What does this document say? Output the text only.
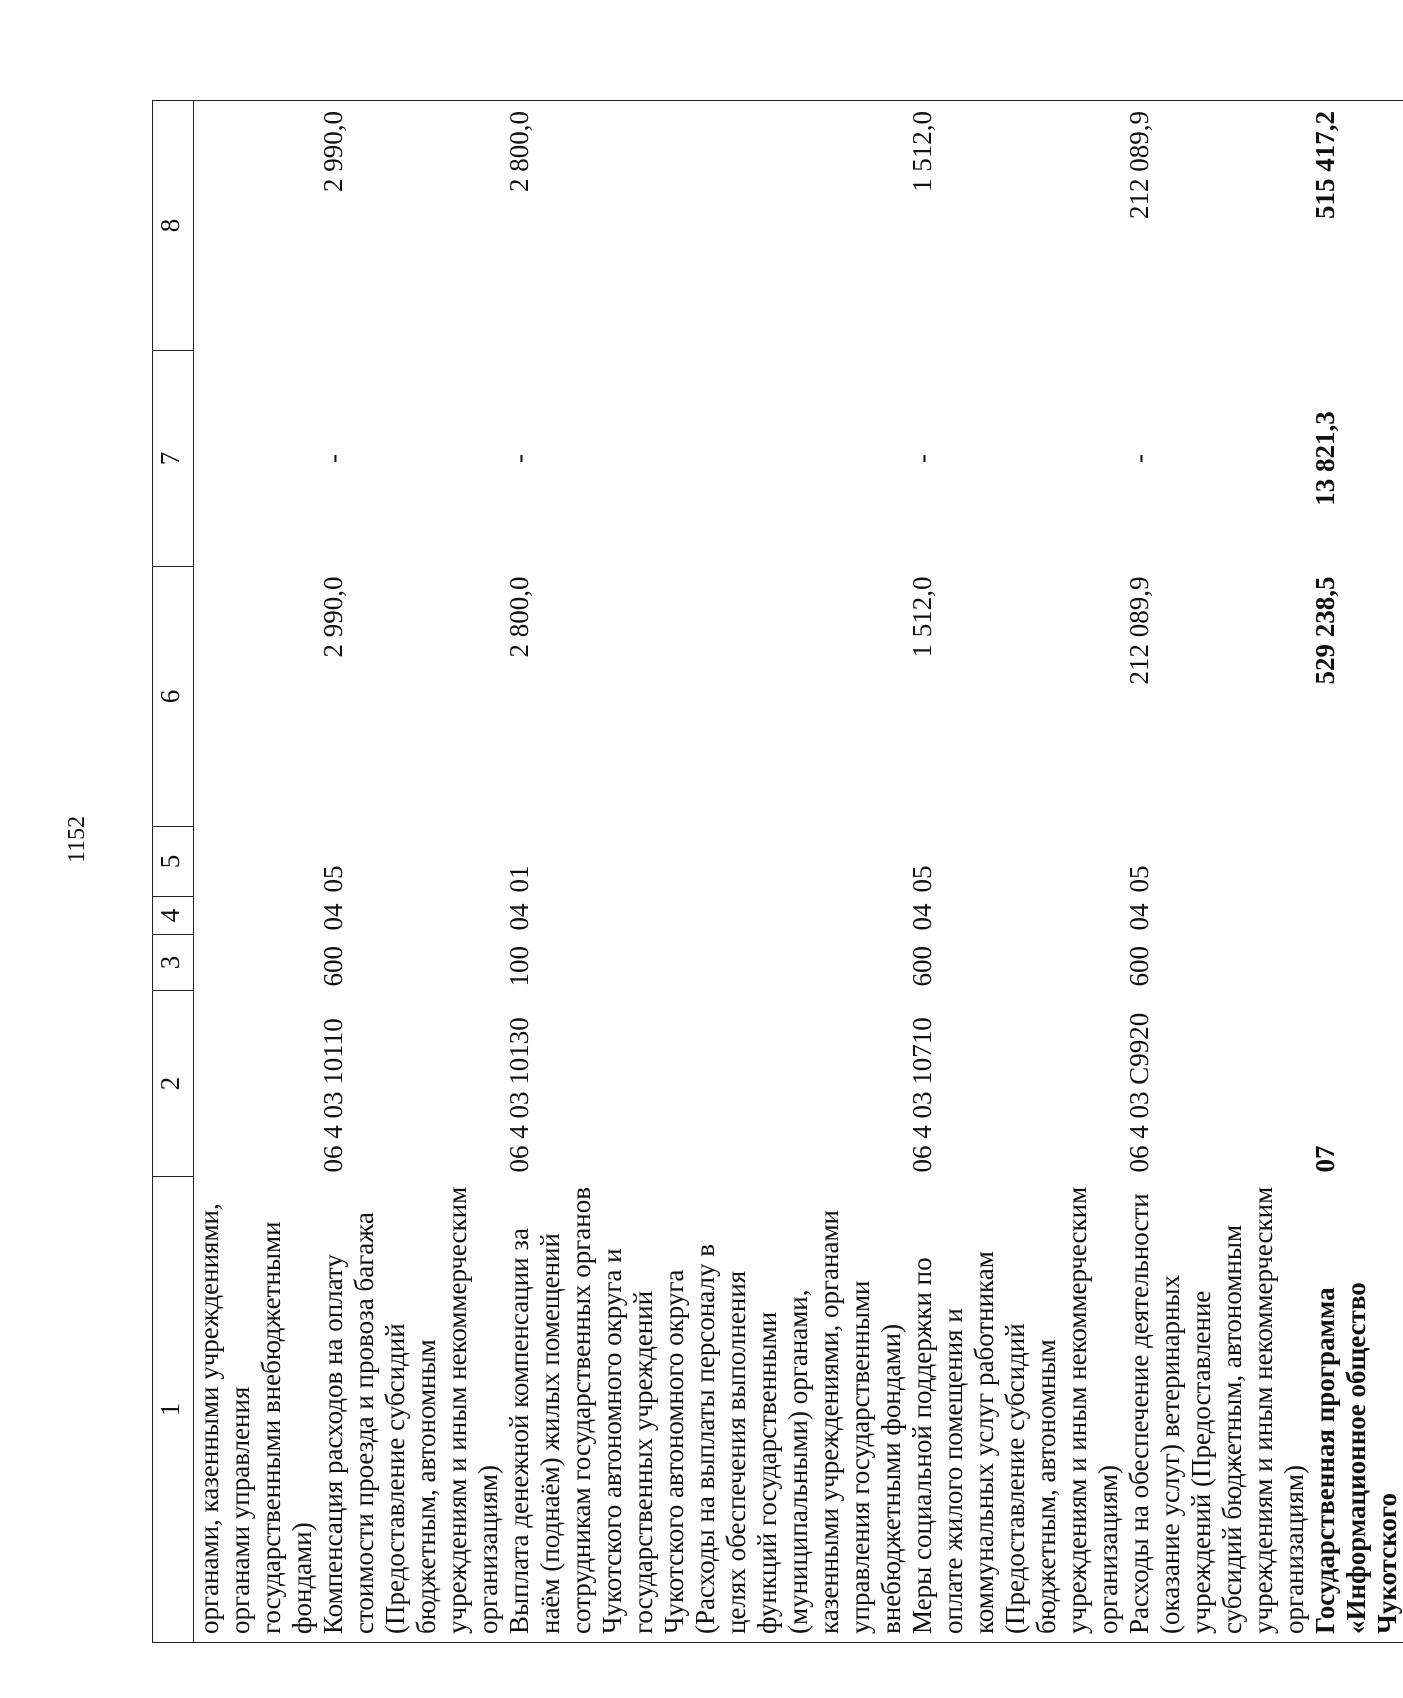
1152
1	2	3	4	5	6	7	8
органами, казенными учреждениями, органами управления государственными внебюджетными фондами)							
Компенсация расходов на оплату стоимости проезда и провоза багажа (Предоставление субсидий бюджетным, автономным учреждениям и иным некоммерческим организациям)	06 4 03 10110	600	04	05	2 990,0	-	2 990,0
Выплата денежной компенсации за наём (поднаём) жилых помещений сотрудникам государственных органов Чукотского автономного округа и государственных учреждений Чукотского автономного округа (Расходы на выплаты персоналу в целях обеспечения выполнения функций государственными (муниципальными) органами, казенными учреждениями, органами управления государственными внебюджетными фондами)	06 4 03 10130	100	04	01	2 800,0	-	2 800,0
Меры социальной поддержки по оплате жилого помещения и коммунальных услуг работникам (Предоставление субсидий бюджетным, автономным учреждениям и иным некоммерческим организациям)	06 4 03 10710	600	04	05	1 512,0	-	1 512,0
Расходы на обеспечение деятельности (оказание услуг) ветеринарных учреждений (Предоставление субсидий бюджетным, автономным учреждениям и иным некоммерческим организациям)	06 4 03 С9920	600	04	05	212 089,9	-	212 089,9
Государственная программа «Информационное общество Чукотского	07				529 238,5	13 821,3	515 417,2
